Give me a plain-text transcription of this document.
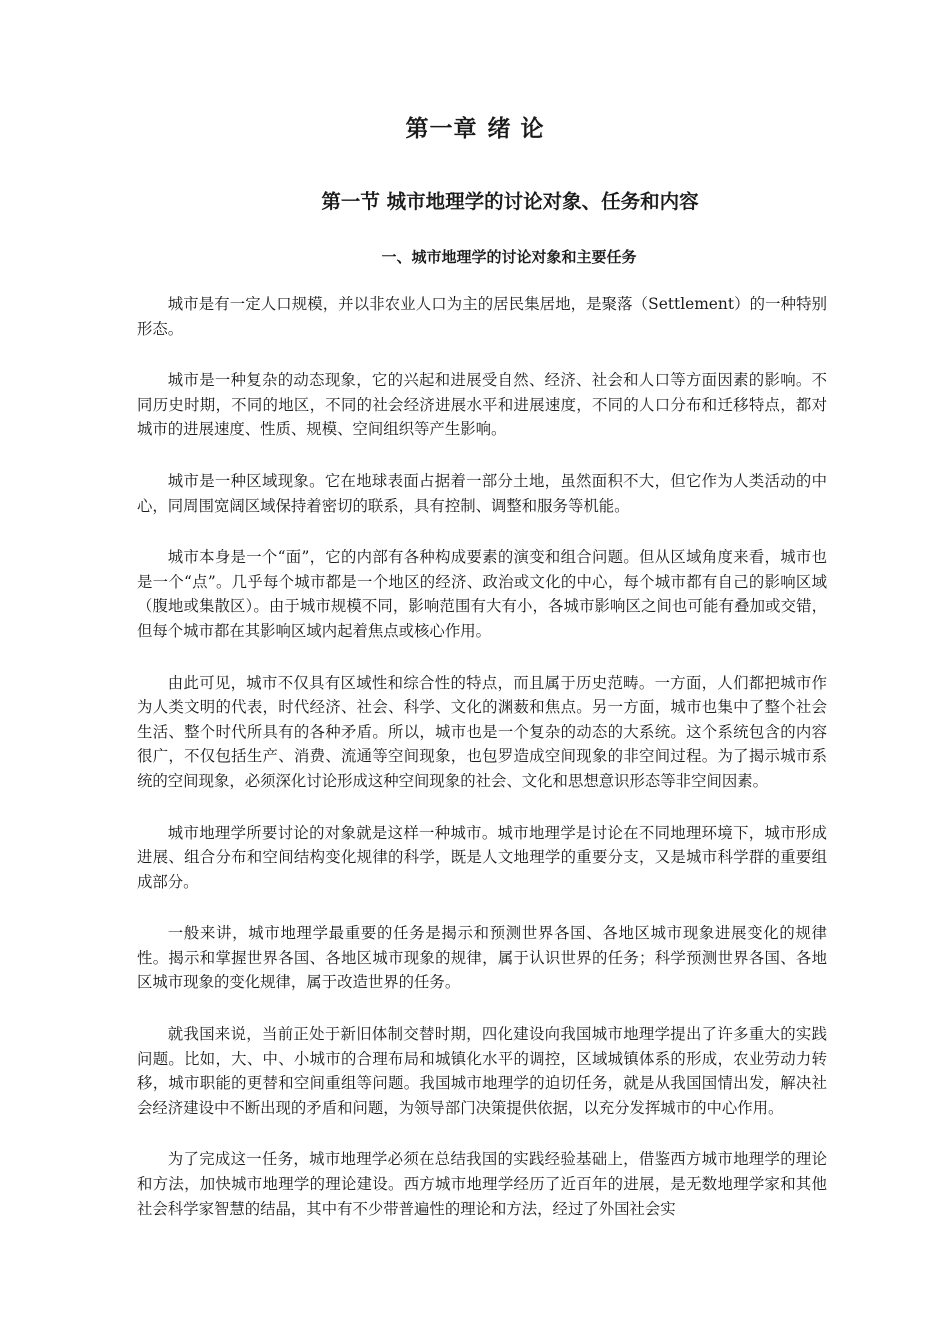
第一章 绪 论
第一节 城市地理学的讨论对象、任务和内容
一、城市地理学的讨论对象和主要任务

城市是有一定人口规模，并以非农业人口为主的居民集居地，是聚落（Settlement）的一种特别形态。

城市是一种复杂的动态现象，它的兴起和进展受自然、经济、社会和人口等方面因素的影响。不同历史时期，不同的地区，不同的社会经济进展水平和进展速度，不同的人口分布和迁移特点，都对城市的进展速度、性质、规模、空间组织等产生影响。

城市是一种区域现象。它在地球表面占据着一部分土地，虽然面积不大，但它作为人类活动的中心，同周围宽阔区域保持着密切的联系，具有控制、调整和服务等机能。

城市本身是一个“面”，它的内部有各种构成要素的演变和组合问题。但从区域角度来看，城市也是一个“点”。几乎每个城市都是一个地区的经济、政治或文化的中心，每个城市都有自己的影响区域（腹地或集散区）。由于城市规模不同，影响范围有大有小，各城市影响区之间也可能有叠加或交错，但每个城市都在其影响区域内起着焦点或核心作用。

由此可见，城市不仅具有区域性和综合性的特点，而且属于历史范畴。一方面，人们都把城市作为人类文明的代表，时代经济、社会、科学、文化的渊薮和焦点。另一方面，城市也集中了整个社会生活、整个时代所具有的各种矛盾。所以，城市也是一个复杂的动态的大系统。这个系统包含的内容很广，不仅包括生产、消费、流通等空间现象，也包罗造成空间现象的非空间过程。为了揭示城市系统的空间现象，必须深化讨论形成这种空间现象的社会、文化和思想意识形态等非空间因素。

城市地理学所要讨论的对象就是这样一种城市。城市地理学是讨论在不同地理环境下，城市形成进展、组合分布和空间结构变化规律的科学，既是人文地理学的重要分支，又是城市科学群的重要组成部分。

一般来讲，城市地理学最重要的任务是揭示和预测世界各国、各地区城市现象进展变化的规律性。揭示和掌握世界各国、各地区城市现象的规律，属于认识世界的任务；科学预测世界各国、各地区城市现象的变化规律，属于改造世界的任务。

就我国来说，当前正处于新旧体制交替时期，四化建设向我国城市地理学提出了许多重大的实践问题。比如，大、中、小城市的合理布局和城镇化水平的调控，区域城镇体系的形成，农业劳动力转移，城市职能的更替和空间重组等问题。我国城市地理学的迫切任务，就是从我国国情出发，解决社会经济建设中不断出现的矛盾和问题，为领导部门决策提供依据，以充分发挥城市的中心作用。

为了完成这一任务，城市地理学必须在总结我国的实践经验基础上，借鉴西方城市地理学的理论和方法，加快城市地理学的理论建设。西方城市地理学经历了近百年的进展，是无数地理学家和其他社会科学家智慧的结晶，其中有不少带普遍性的理论和方法，经过了外国社会实
